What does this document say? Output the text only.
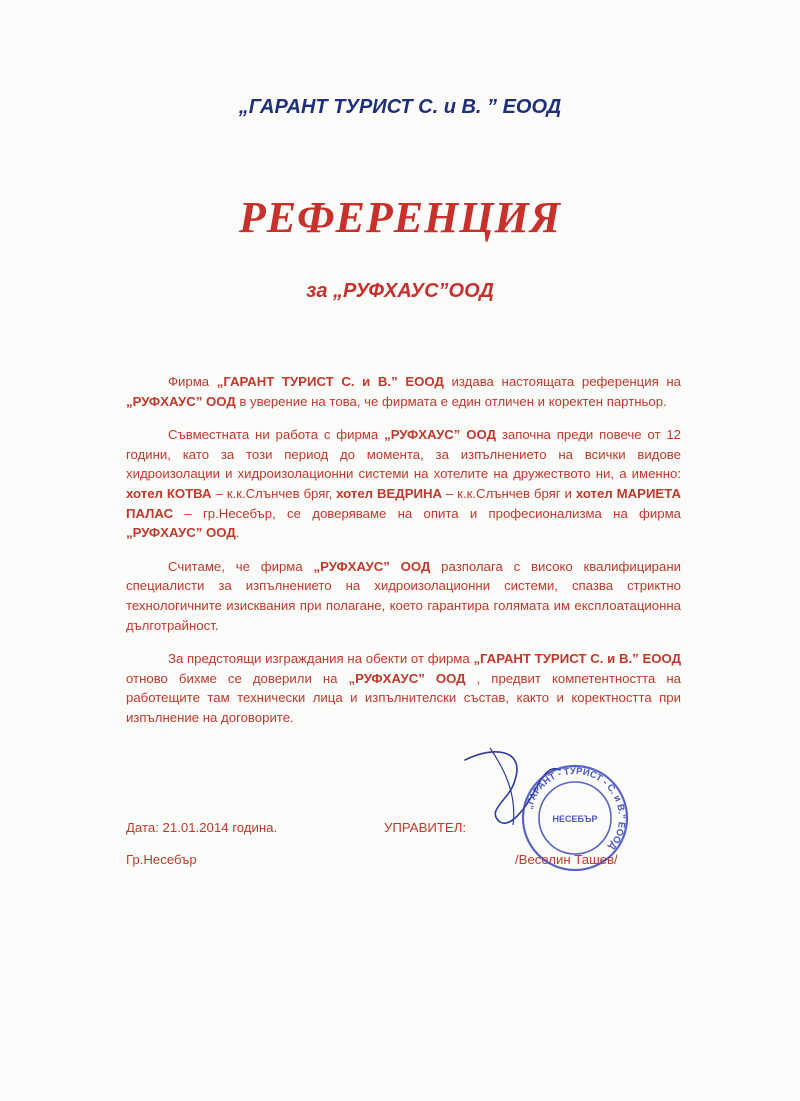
„ГАРАНТ ТУРИСТ С. и В. ” ЕООД
РЕФЕРЕНЦИЯ
за „РУФХАУС”ООД

Фирма „ГАРАНТ ТУРИСТ С. и В.” ЕООД издава настоящата референция на „РУФХАУС” ООД в уверение на това, че фирмата е един отличен и коректен партньор.

Съвместната ни работа с фирма „РУФХАУС” ООД започна преди повече от 12 години, като за този период до момента, за изпълнението на всички видове хидроизолации и хидроизолационни системи на хотелите на дружеството ни, а именно: хотел КОТВА – к.к.Слънчев бряг, хотел ВЕДРИНА – к.к.Слънчев бряг и хотел МАРИЕТА ПАЛАС – гр.Несебър, се доверяваме на опита и професионализма на фирма „РУФХАУС” ООД.

Считаме, че фирма „РУФХАУС” ООД разполага с високо квалифицирани специалисти за изпълнението на хидроизолационни системи, спазва стриктно технологичните изисквания при полагане, което гарантира голямата им експлоатационна дълготрайност.

За предстоящи изграждания на обекти от фирма „ГАРАНТ ТУРИСТ С. и В.” ЕООД отново бихме се доверили на „РУФХАУС” ООД , предвит компетентността на работещите там технически лица и изпълнителски състав, както и коректността при изпълнение на договорите.

Дата: 21.01.2014 година.
Гр.Несебър
УПРАВИТЕЛ:
/Веселин Ташев/
„ГАРАНТ - ТУРИСТ - С. и В.” ЕООД
НЕСЕБЪР
